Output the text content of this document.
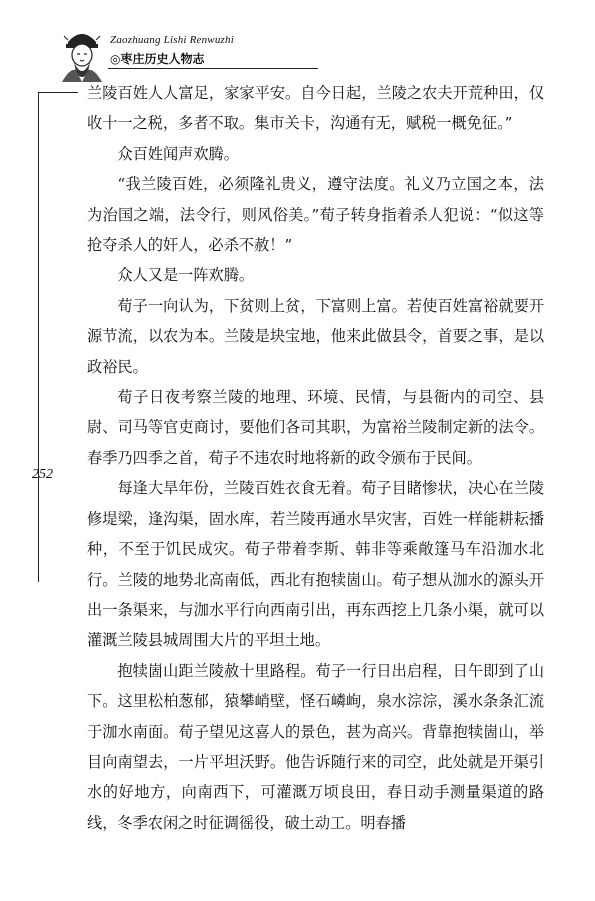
Zaozhuang Lishi Renwuzhi
◎枣庄历史人物志
252

兰陵百姓人人富足，家家平安。自今日起，兰陵之农夫开荒种田，仅收十一之税，多者不取。集市关卡，沟通有无，赋税一概免征。”

众百姓闻声欢腾。

“我兰陵百姓，必须隆礼贵义，遵守法度。礼义乃立国之本，法为治国之端，法令行，则风俗美。”荀子转身指着杀人犯说：“似这等抢夺杀人的奸人，必杀不赦！”

众人又是一阵欢腾。

荀子一向认为，下贫则上贫，下富则上富。若使百姓富裕就要开源节流，以农为本。兰陵是块宝地，他来此做县令，首要之事，是以政裕民。

荀子日夜考察兰陵的地理、环境、民情，与县衙内的司空、县尉、司马等官吏商讨，要他们各司其职，为富裕兰陵制定新的法令。春季乃四季之首，荀子不违农时地将新的政令颁布于民间。

每逢大旱年份，兰陵百姓衣食无着。荀子目睹惨状，决心在兰陵修堤梁，逢沟渠，固水库，若兰陵再通水旱灾害，百姓一样能耕耘播种，不至于饥民成灾。荀子带着李斯、韩非等乘敞篷马车沿泇水北行。兰陵的地势北高南低，西北有抱犊崮山。荀子想从泇水的源头开出一条渠来，与泇水平行向西南引出，再东西挖上几条小渠，就可以灌溉兰陵县城周围大片的平坦土地。

抱犊崮山距兰陵赦十里路程。荀子一行日出启程，日午即到了山下。这里松柏葱郁，猿攀峭壁，怪石嶙峋，泉水淙淙，溪水条条汇流于泇水南面。荀子望见这喜人的景色，甚为高兴。背靠抱犊崮山，举目向南望去，一片平坦沃野。他告诉随行来的司空，此处就是开渠引水的好地方，向南西下，可灌溉万顷良田，春日动手测量渠道的路线，冬季农闲之时征调徭役，破土动工。明春播
